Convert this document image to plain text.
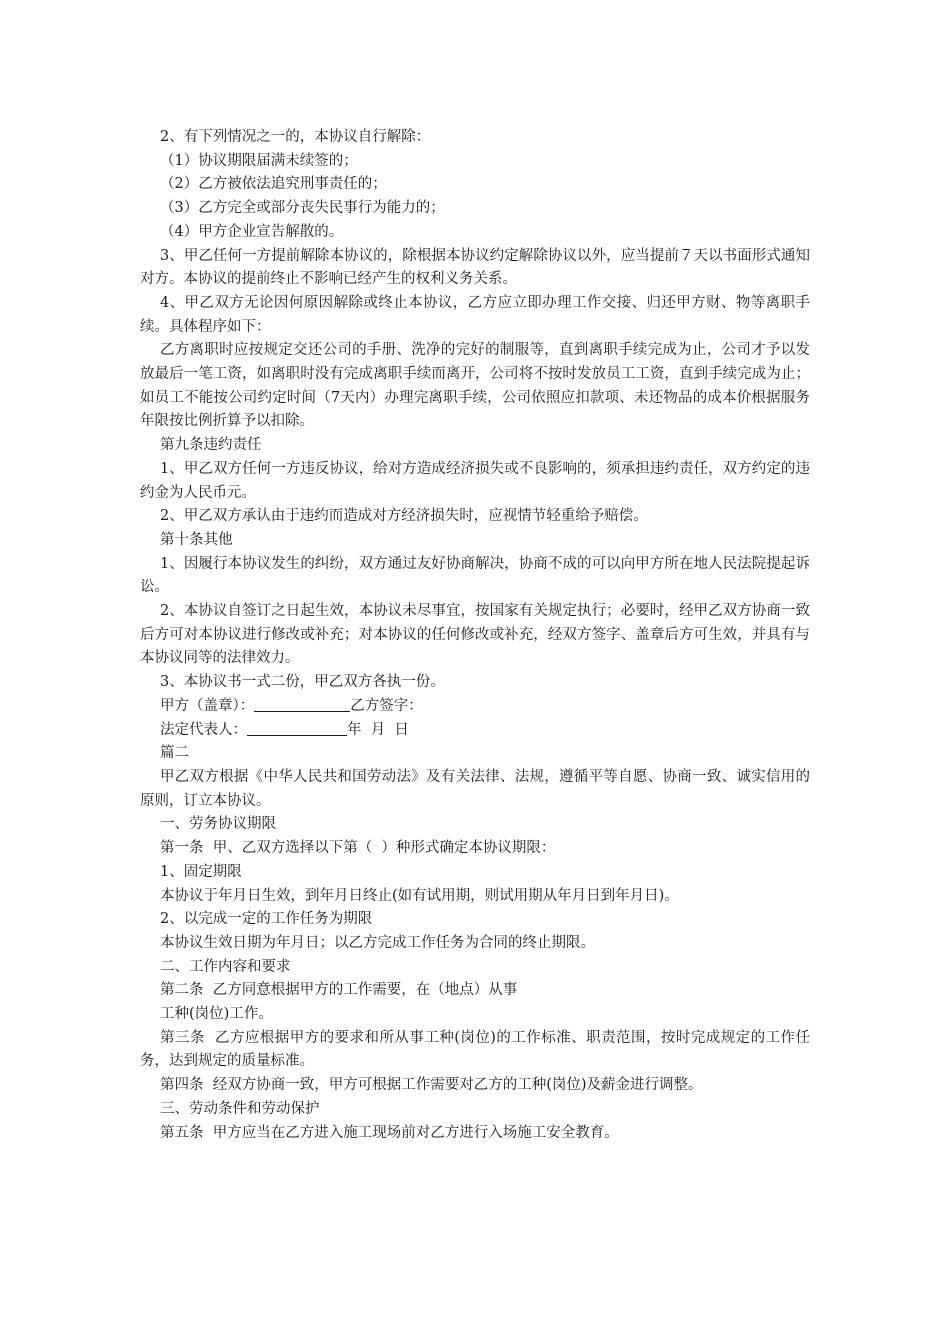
2、有下列情况之一的，本协议自行解除：

（1）协议期限届满未续签的；

（2）乙方被依法追究刑事责任的；

（3）乙方完全或部分丧失民事行为能力的；

（4）甲方企业宣告解散的。

3、甲乙任何一方提前解除本协议的，除根据本协议约定解除协议以外，应当提前７天以书面形式通知对方。本协议的提前终止不影响已经产生的权利义务关系。

4、甲乙双方无论因何原因解除或终止本协议，乙方应立即办理工作交接、归还甲方财、物等离职手续。具体程序如下：

乙方离职时应按规定交还公司的手册、洗净的完好的制服等，直到离职手续完成为止，公司才予以发放最后一笔工资，如离职时没有完成离职手续而离开，公司将不按时发放员工工资，直到手续完成为止；如员工不能按公司约定时间（7天内）办理完离职手续，公司依照应扣款项、未还物品的成本价根据服务年限按比例折算予以扣除。

第九条违约责任

1、甲乙双方任何一方违反协议，给对方造成经济损失或不良影响的，须承担违约责任，双方约定的违约金为人民币元。

2、甲乙双方承认由于违约而造成对方经济损失时，应视情节轻重给予赔偿。

第十条其他

1、因履行本协议发生的纠纷，双方通过友好协商解决，协商不成的可以向甲方所在地人民法院提起诉讼。

2、本协议自签订之日起生效，本协议未尽事宜，按国家有关规定执行；必要时，经甲乙双方协商一致后方可对本协议进行修改或补充；对本协议的任何修改或补充，经双方签字、盖章后方可生效，并具有与本协议同等的法律效力。

3、本协议书一式二份，甲乙双方各执一份。

甲方（盖章）：	乙方签字：

法定代表人：	年  月  日

篇二

甲乙双方根据《中华人民共和国劳动法》及有关法律、法规，遵循平等自愿、协商一致、诚实信用的原则，订立本协议。

一、劳务协议期限

第一条  甲、乙双方选择以下第（  ）种形式确定本协议期限：

1、固定期限

本协议于年月日生效，到年月日终止(如有试用期，则试用期从年月日到年月日)。

2、以完成一定的工作任务为期限

本协议生效日期为年月日；以乙方完成工作任务为合同的终止期限。

二、工作内容和要求

第二条  乙方同意根据甲方的工作需要，在（地点）从事

工种(岗位)工作。

第三条  乙方应根据甲方的要求和所从事工种(岗位)的工作标准、职责范围，按时完成规定的工作任务，达到规定的质量标准。

第四条  经双方协商一致，甲方可根据工作需要对乙方的工种(岗位)及薪金进行调整。

三、劳动条件和劳动保护

第五条  甲方应当在乙方进入施工现场前对乙方进行入场施工安全教育。
